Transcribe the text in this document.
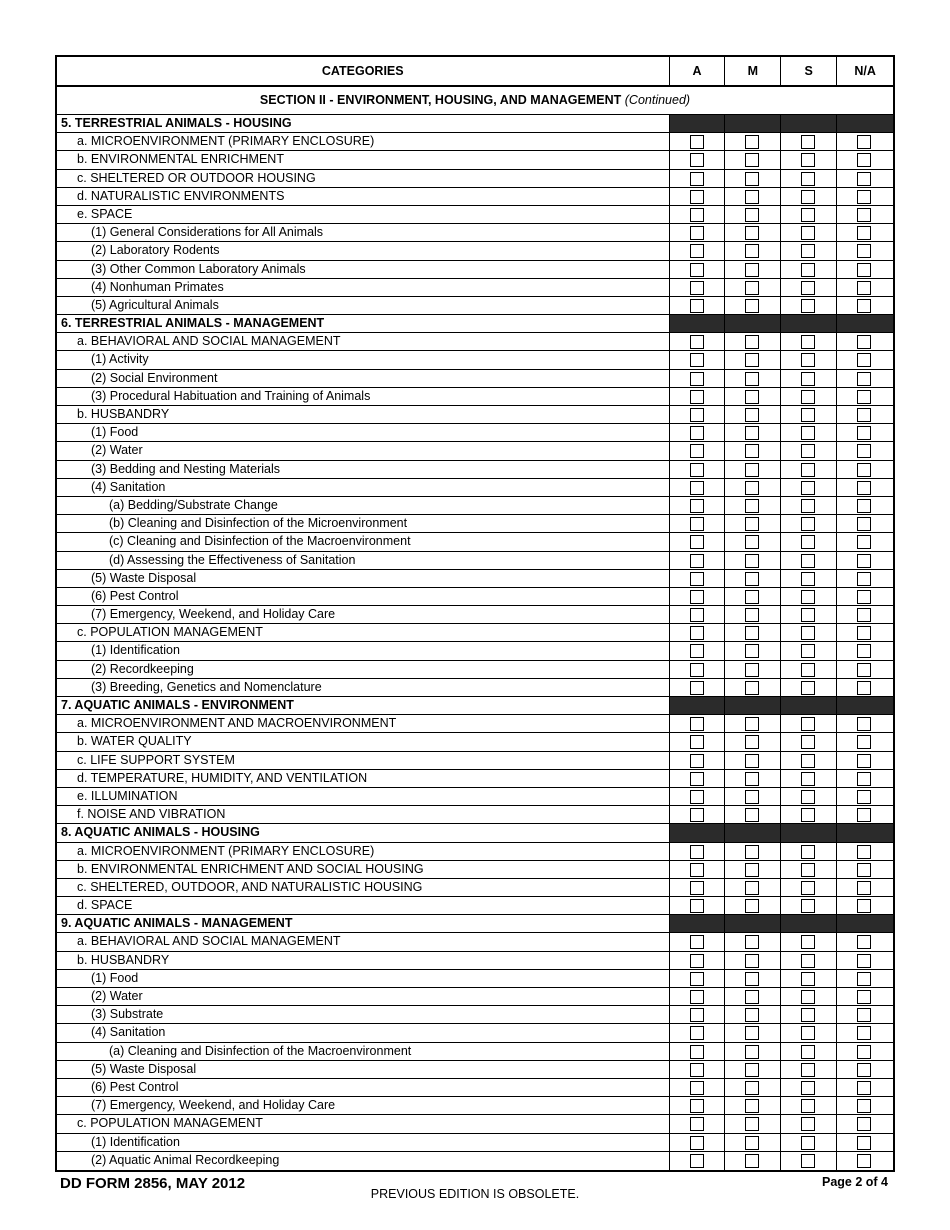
CATEGORIES	A	M	S	N/A
SECTION II - ENVIRONMENT, HOUSING, AND MANAGEMENT (Continued)
5. TERRESTRIAL ANIMALS - HOUSING
a. MICROENVIRONMENT (PRIMARY ENCLOSURE)
b. ENVIRONMENTAL ENRICHMENT
c. SHELTERED OR OUTDOOR HOUSING
d. NATURALISTIC ENVIRONMENTS
e. SPACE
(1) General Considerations for All Animals
(2) Laboratory Rodents
(3) Other Common Laboratory Animals
(4) Nonhuman Primates
(5) Agricultural Animals
6. TERRESTRIAL ANIMALS - MANAGEMENT
a. BEHAVIORAL AND SOCIAL MANAGEMENT
(1) Activity
(2) Social Environment
(3) Procedural Habituation and Training of Animals
b. HUSBANDRY
(1) Food
(2) Water
(3) Bedding and Nesting Materials
(4) Sanitation
(a) Bedding/Substrate Change
(b) Cleaning and Disinfection of the Microenvironment
(c) Cleaning and Disinfection of the Macroenvironment
(d) Assessing the Effectiveness of Sanitation
(5) Waste Disposal
(6) Pest Control
(7) Emergency, Weekend, and Holiday Care
c. POPULATION MANAGEMENT
(1) Identification
(2) Recordkeeping
(3) Breeding, Genetics and Nomenclature
7. AQUATIC ANIMALS - ENVIRONMENT
a. MICROENVIRONMENT AND MACROENVIRONMENT
b. WATER QUALITY
c. LIFE SUPPORT SYSTEM
d. TEMPERATURE, HUMIDITY, AND VENTILATION
e. ILLUMINATION
f. NOISE AND VIBRATION
8. AQUATIC ANIMALS - HOUSING
a. MICROENVIRONMENT (PRIMARY ENCLOSURE)
b. ENVIRONMENTAL ENRICHMENT AND SOCIAL HOUSING
c. SHELTERED, OUTDOOR, AND NATURALISTIC HOUSING
d. SPACE
9. AQUATIC ANIMALS - MANAGEMENT
a. BEHAVIORAL AND SOCIAL MANAGEMENT
b. HUSBANDRY
(1) Food
(2) Water
(3) Substrate
(4) Sanitation
(a) Cleaning and Disinfection of the Macroenvironment
(5) Waste Disposal
(6) Pest Control
(7) Emergency, Weekend, and Holiday Care
c. POPULATION MANAGEMENT
(1) Identification
(2) Aquatic Animal Recordkeeping
DD FORM 2856, MAY 2012
PREVIOUS EDITION IS OBSOLETE.
Page 2 of 4
